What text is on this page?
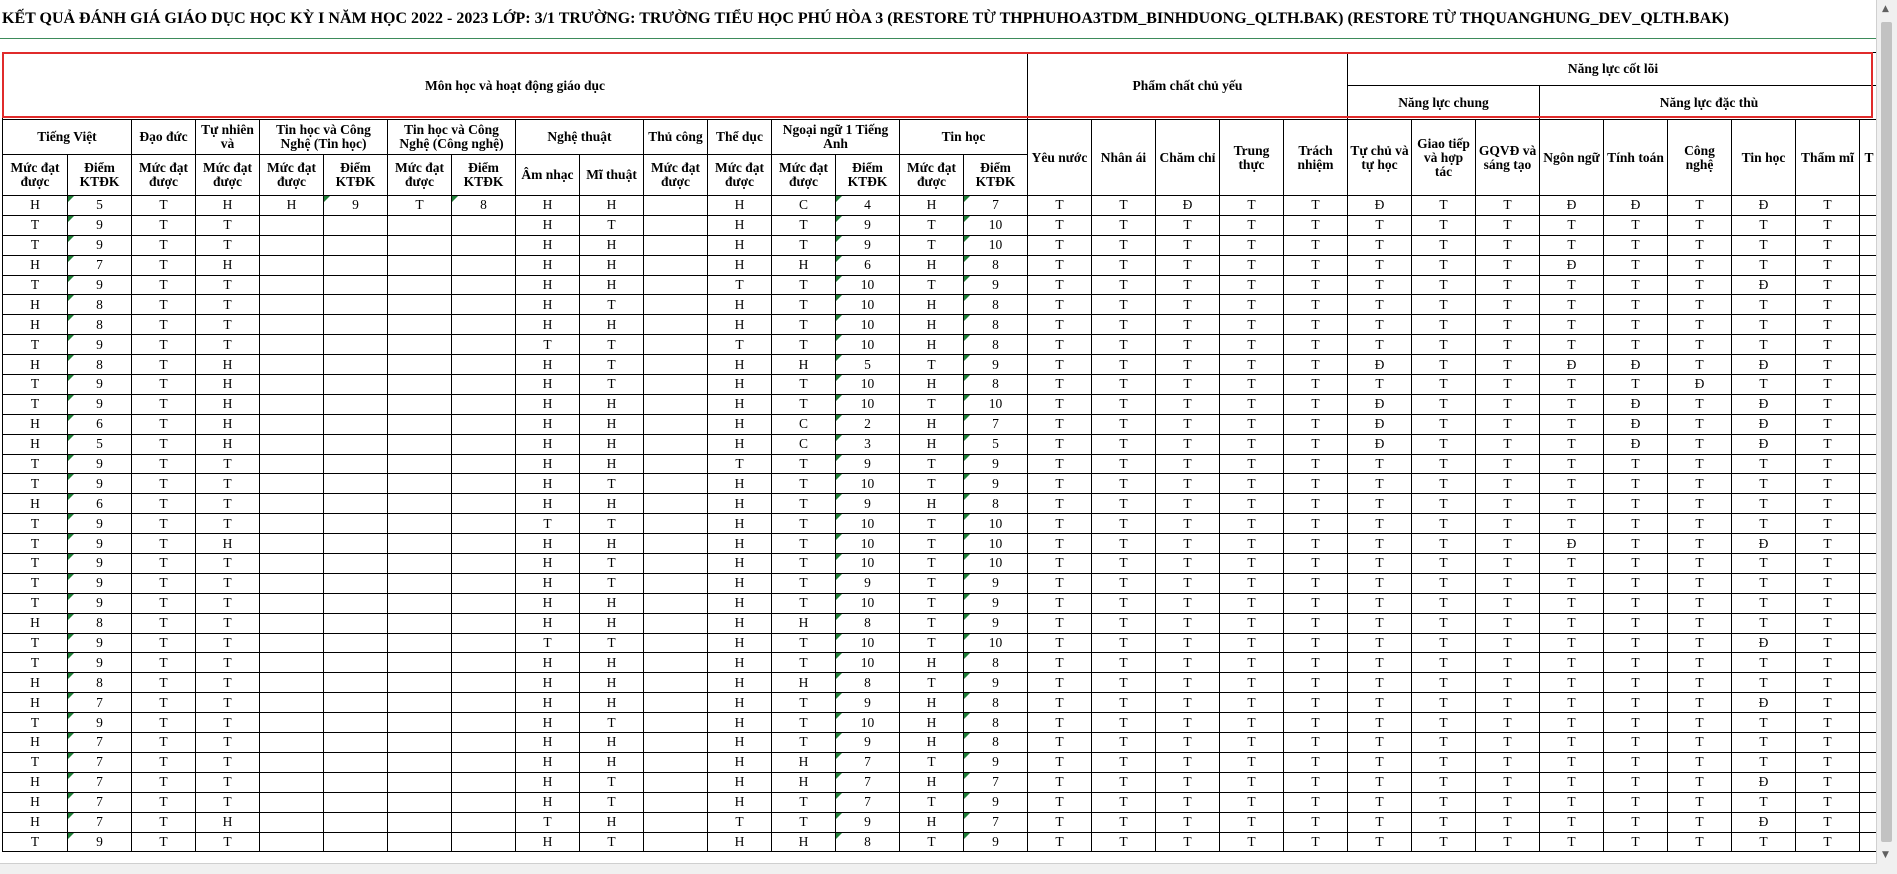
KẾT QUẢ ĐÁNH GIÁ GIÁO DỤC HỌC KỲ I NĂM HỌC 2022 - 2023 LỚP: 3/1 TRƯỜNG: TRƯỜNG TIỂU HỌC PHÚ HÒA 3 (RESTORE TỪ THPHUHOA3TDM_BINHDUONG_QLTH.BAK) (RESTORE TỪ THQUANGHUNG_DEV_QLTH.BAK)
Môn học và hoạt động giáo dục																Phẩm chất chủ yếu					Năng lực cốt lõi								
																					Năng lực chung			Năng lực đặc thù					
Tiếng Việt		Đạo đức	Tự nhiên và	Tin học và Công Nghệ (Tin học)		Tin học và Công Nghệ (Công nghệ)		Nghệ thuật		Thủ công	Thể dục	Ngoại ngữ 1 Tiếng Anh		Tin học		Yêu nước	Nhân ái	Chăm chỉ	Trung thực	Trách nhiệm	Tự chủ và tự học	Giao tiếp và hợp tác	GQVĐ và sáng tạo	Ngôn ngữ	Tính toán	Công nghệ	Tin học	Thẩm mĩ	T
Mức đạt được	Điểm KTĐK	Mức đạt được	Mức đạt được	Mức đạt được	Điểm KTĐK	Mức đạt được	Điểm KTĐK	Âm nhạc	Mĩ thuật	Mức đạt được	Mức đạt được	Mức đạt được	Điểm KTĐK	Mức đạt được	Điểm KTĐK														
H	5	T	H	H	9	T	8	H	H		H	C	4	H	7	T	T	Đ	T	T	Đ	T	T	Đ	Đ	T	Đ	T	
T	9	T	T					H	T		H	T	9	T	10	T	T	T	T	T	T	T	T	T	T	T	T	T	
T	9	T	T					H	H		H	T	9	T	10	T	T	T	T	T	T	T	T	T	T	T	T	T	
H	7	T	H					H	H		H	H	6	H	8	T	T	T	T	T	T	T	T	Đ	T	T	T	T	
T	9	T	T					H	H		T	T	10	T	9	T	T	T	T	T	T	T	T	T	T	T	Đ	T	
H	8	T	T					H	T		H	T	10	H	8	T	T	T	T	T	T	T	T	T	T	T	T	T	
H	8	T	T					H	H		H	T	10	H	8	T	T	T	T	T	T	T	T	T	T	T	T	T	
T	9	T	T					T	T		T	T	10	H	8	T	T	T	T	T	T	T	T	T	T	T	T	T	
H	8	T	H					H	T		H	H	5	T	9	T	T	T	T	T	Đ	T	T	Đ	Đ	T	Đ	T	
T	9	T	H					H	T		H	T	10	H	8	T	T	T	T	T	T	T	T	T	T	Đ	T	T	
T	9	T	H					H	H		H	T	10	T	10	T	T	T	T	T	Đ	T	T	T	Đ	T	Đ	T	
H	6	T	H					H	H		H	C	2	H	7	T	T	T	T	T	Đ	T	T	T	Đ	T	Đ	T	
H	5	T	H					H	H		H	C	3	H	5	T	T	T	T	T	Đ	T	T	T	Đ	T	Đ	T	
T	9	T	T					H	H		T	T	9	T	9	T	T	T	T	T	T	T	T	T	T	T	T	T	
T	9	T	T					H	T		H	T	10	T	9	T	T	T	T	T	T	T	T	T	T	T	T	T	
H	6	T	T					H	H		H	T	9	H	8	T	T	T	T	T	T	T	T	T	T	T	T	T	
T	9	T	T					T	T		H	T	10	T	10	T	T	T	T	T	T	T	T	T	T	T	T	T	
T	9	T	H					H	H		H	T	10	T	10	T	T	T	T	T	T	T	T	Đ	T	T	Đ	T	
T	9	T	T					H	T		H	T	10	T	10	T	T	T	T	T	T	T	T	T	T	T	T	T	
T	9	T	T					H	T		H	T	9	T	9	T	T	T	T	T	T	T	T	T	T	T	T	T	
T	9	T	T					H	H		H	T	10	T	9	T	T	T	T	T	T	T	T	T	T	T	T	T	
H	8	T	T					H	H		H	H	8	T	9	T	T	T	T	T	T	T	T	T	T	T	T	T	
T	9	T	T					T	T		H	T	10	T	10	T	T	T	T	T	T	T	T	T	T	T	Đ	T	
T	9	T	T					H	H		H	T	10	H	8	T	T	T	T	T	T	T	T	T	T	T	T	T	
H	8	T	T					H	H		H	H	8	T	9	T	T	T	T	T	T	T	T	T	T	T	T	T	
H	7	T	T					H	H		H	T	9	H	8	T	T	T	T	T	T	T	T	T	T	T	Đ	T	
T	9	T	T					H	T		H	T	10	H	8	T	T	T	T	T	T	T	T	T	T	T	T	T	
H	7	T	T					H	H		H	T	9	H	8	T	T	T	T	T	T	T	T	T	T	T	T	T	
T	7	T	T					H	H		H	H	7	T	9	T	T	T	T	T	T	T	T	T	T	T	T	T	
H	7	T	T					H	T		H	H	7	H	7	T	T	T	T	T	T	T	T	T	T	T	Đ	T	
H	7	T	T					H	T		H	T	7	T	9	T	T	T	T	T	T	T	T	T	T	T	T	T	
H	7	T	H					T	H		T	T	9	H	7	T	T	T	T	T	T	T	T	T	T	T	Đ	T	
T	9	T	T					H	T		H	H	8	T	9	T	T	T	T	T	T	T	T	T	T	T	T	T	
▲
▼
